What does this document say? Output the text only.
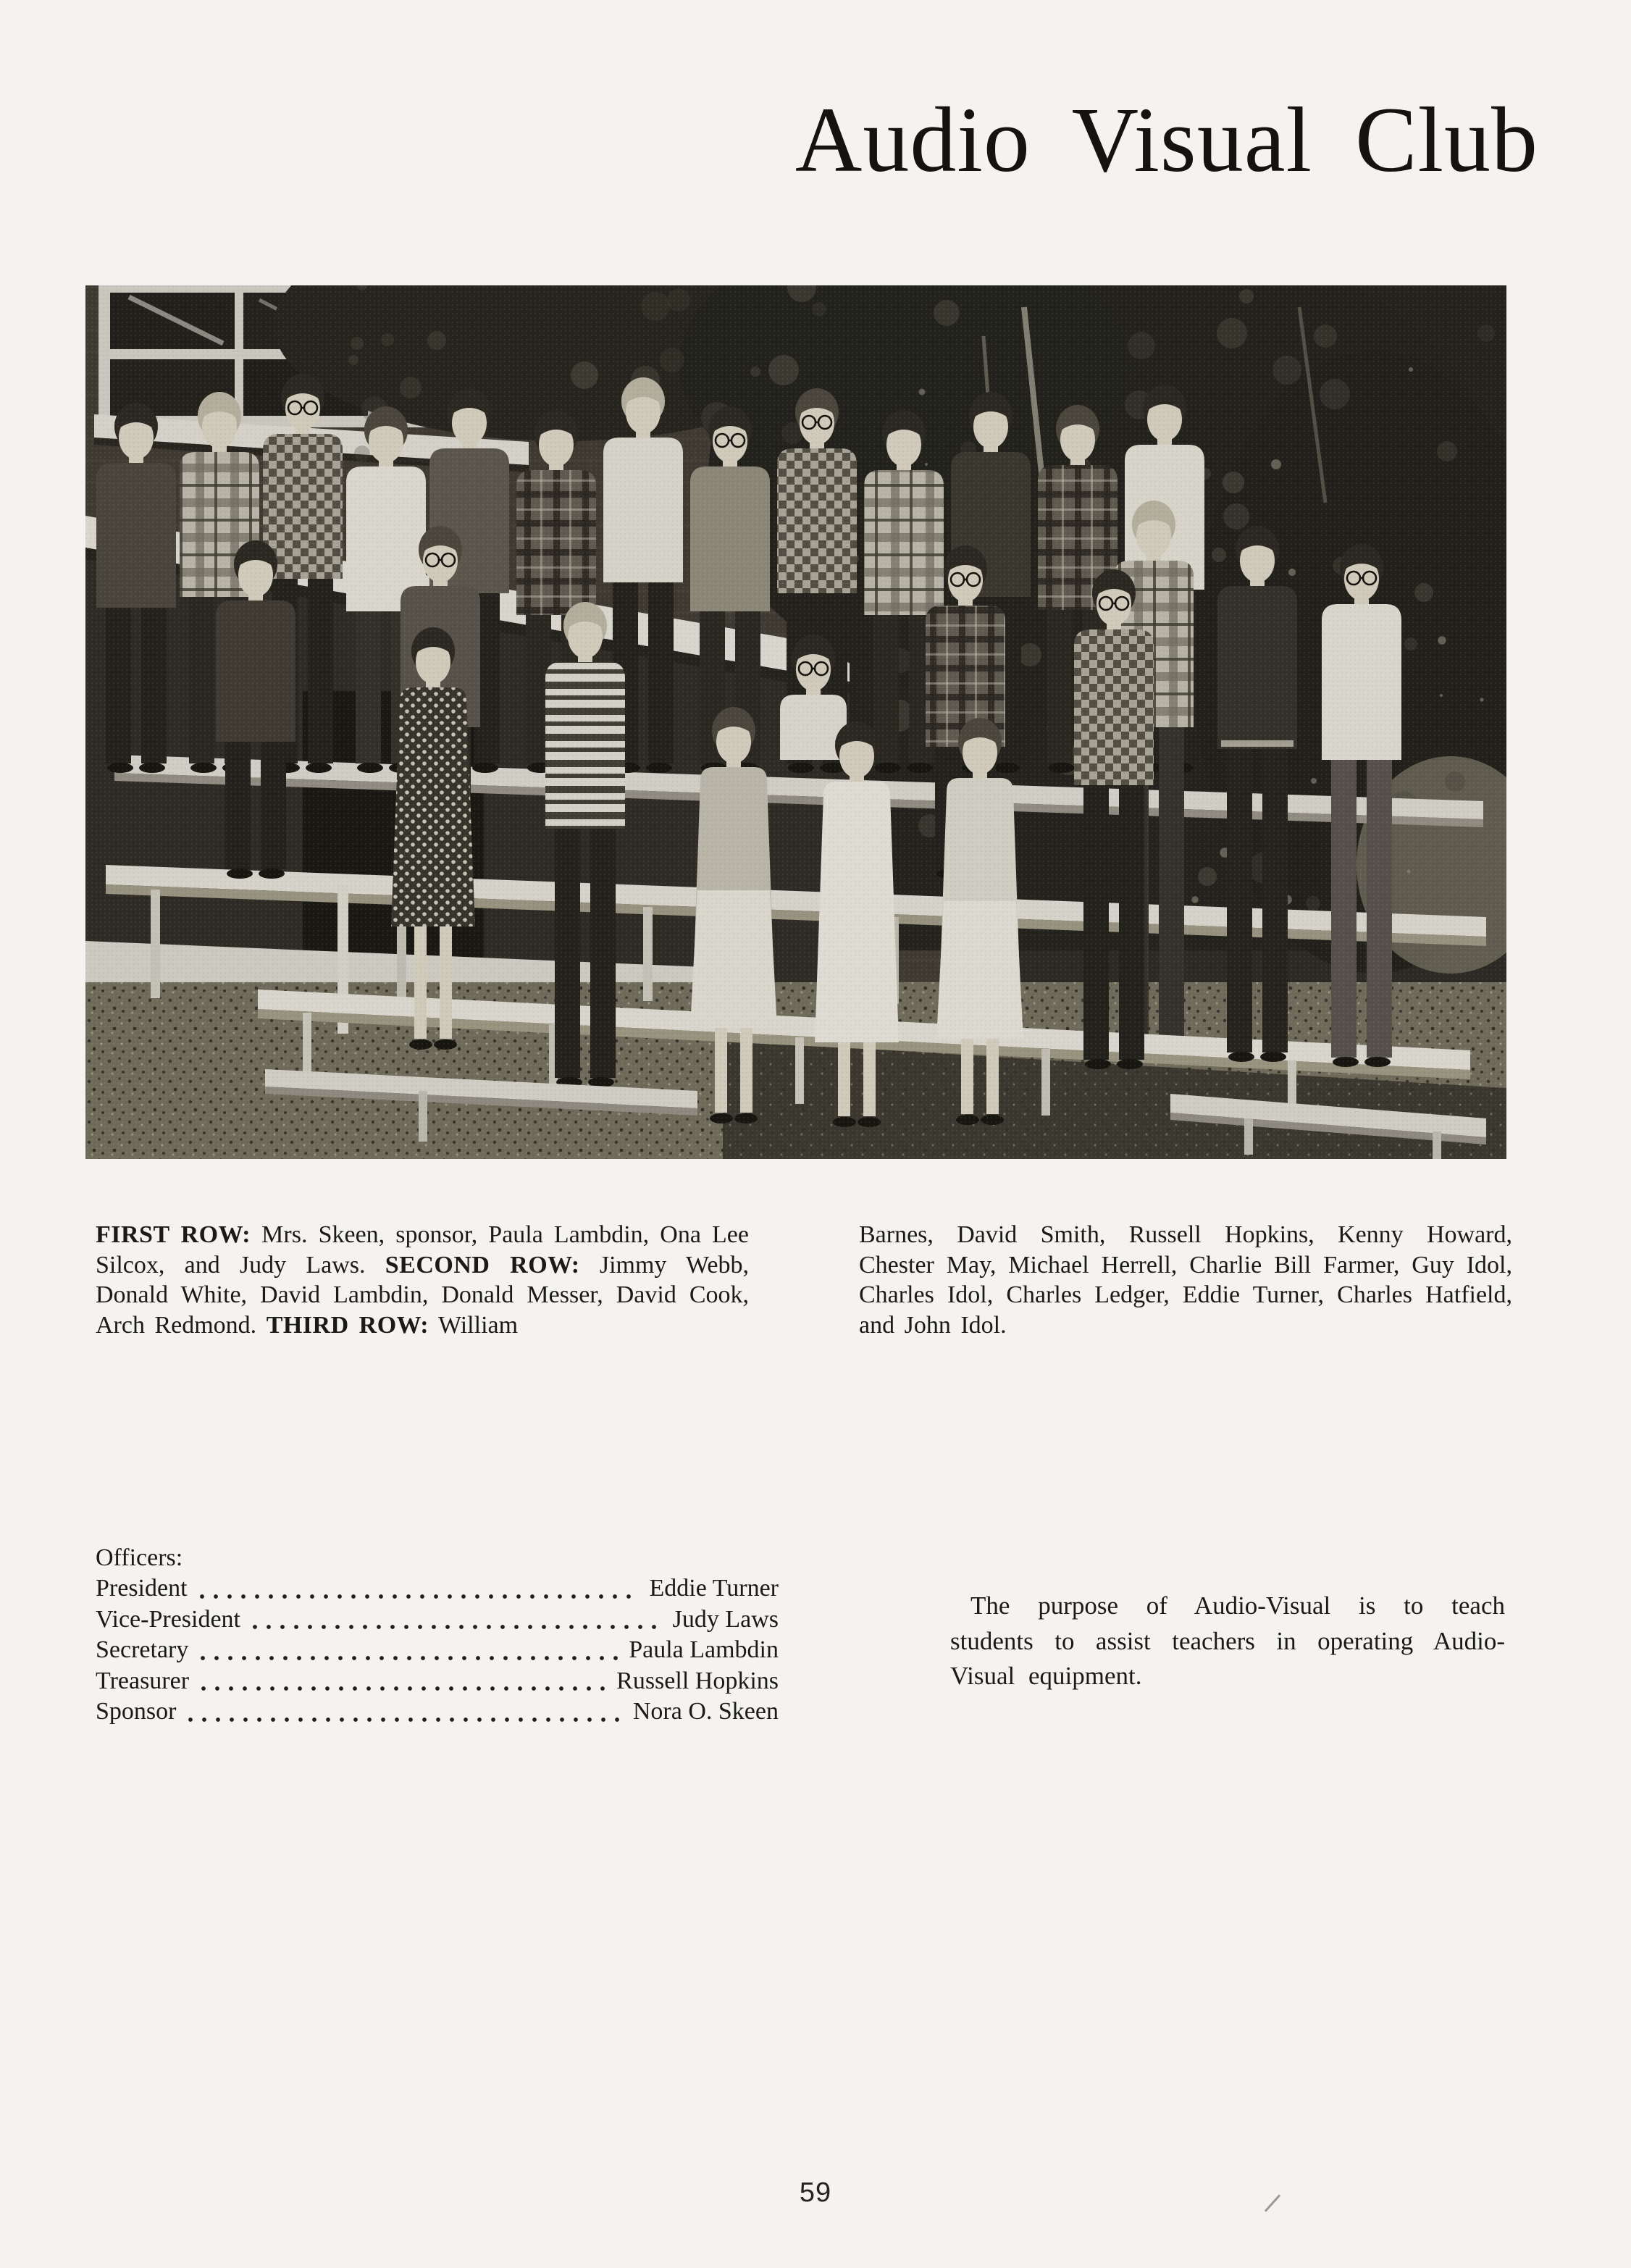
Audio Visual Club

FIRST ROW: Mrs. Skeen, sponsor, Paula Lambdin, Ona Lee Silcox, and Judy Laws. SECOND ROW: Jimmy Webb, Donald White, David Lambdin, Donald Messer, David Cook, Arch Redmond. THIRD ROW: William

Barnes, David Smith, Russell Hopkins, Kenny Howard, Chester May, Michael Herrell, Charlie Bill Farmer, Guy Idol, Charles Idol, Charles Ledger, Eddie Turner, Charles Hatfield, and John Idol.

Officers:
President	Eddie Turner
Vice-President	Judy Laws
Secretary	Paula Lambdin
Treasurer	Russell Hopkins
Sponsor	Nora O. Skeen

The purpose of Audio-Visual is to teach students to assist teachers in operating Audio-Visual equipment.

59
